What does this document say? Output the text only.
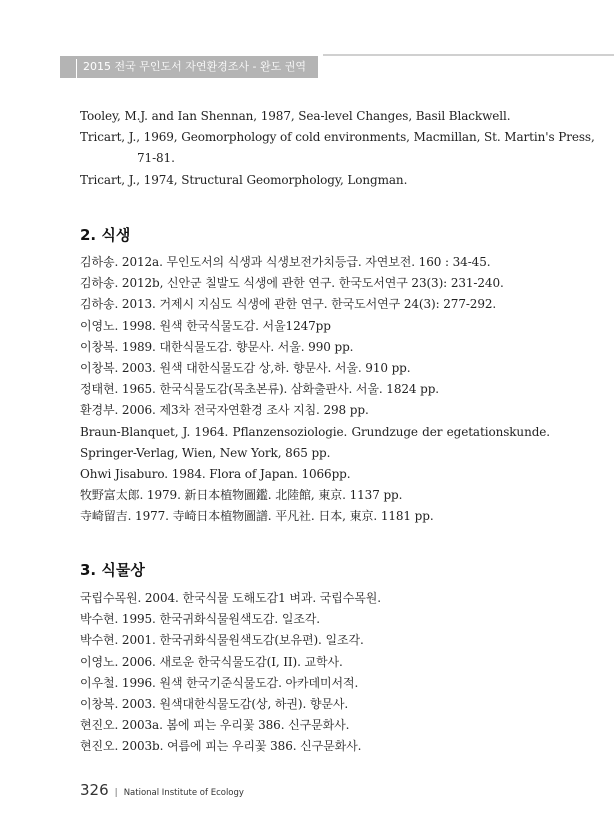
2015 전국 무인도서 자연환경조사 - 완도 권역
Tooley, M.J. and Ian Shennan, 1987, Sea-level Changes, Basil Blackwell.
Tricart, J., 1969, Geomorphology of cold environments, Macmillan, St. Martin's Press,
71-81.
Tricart, J., 1974, Structural Geomorphology, Longman.
2. 식생
김하송. 2012a. 무인도서의 식생과 식생보전가치등급. 자연보전. 160 : 34-45.
김하송. 2012b, 신안군 칠발도 식생에 관한 연구. 한국도서연구 23(3): 231-240.
김하송. 2013. 거제시 지심도 식생에 관한 연구. 한국도서연구 24(3): 277-292.
이영노. 1998. 원색 한국식물도감. 서울1247pp
이창복. 1989. 대한식물도감. 향문사. 서울. 990 pp.
이창복. 2003. 원색 대한식물도감 상,하. 향문사. 서울. 910 pp.
정태현. 1965. 한국식물도감(목초본류). 삼화출판사. 서울. 1824 pp.
환경부. 2006. 제3차 전국자연환경 조사 지침. 298 pp.
Braun-Blanquet, J. 1964. Pflanzensoziologie. Grundzuge der egetationskunde.
Springer-Verlag, Wien, New York, 865 pp.
Ohwi Jisaburo. 1984. Flora of Japan. 1066pp.
牧野富太郎. 1979. 新日本植物圖鑑. 北陸館, 東京. 1137 pp.
寺崎留吉. 1977. 寺崎日本植物圖譜. 平凡社. 日本, 東京. 1181 pp.
3. 식물상
국립수목원. 2004. 한국식물 도해도감1 벼과. 국립수목원.
박수현. 1995. 한국귀화식물원색도감. 일조각.
박수현. 2001. 한국귀화식물원색도감(보유편). 일조각.
이영노. 2006. 새로운 한국식물도감(I, II). 교학사.
이우철. 1996. 원색 한국기준식물도감. 아카데미서적.
이창복. 2003. 원색대한식물도감(상, 하권). 향문사.
현진오. 2003a. 봄에 피는 우리꽃 386. 신구문화사.
현진오. 2003b. 여름에 피는 우리꽃 386. 신구문화사.
326 | National Institute of Ecology
